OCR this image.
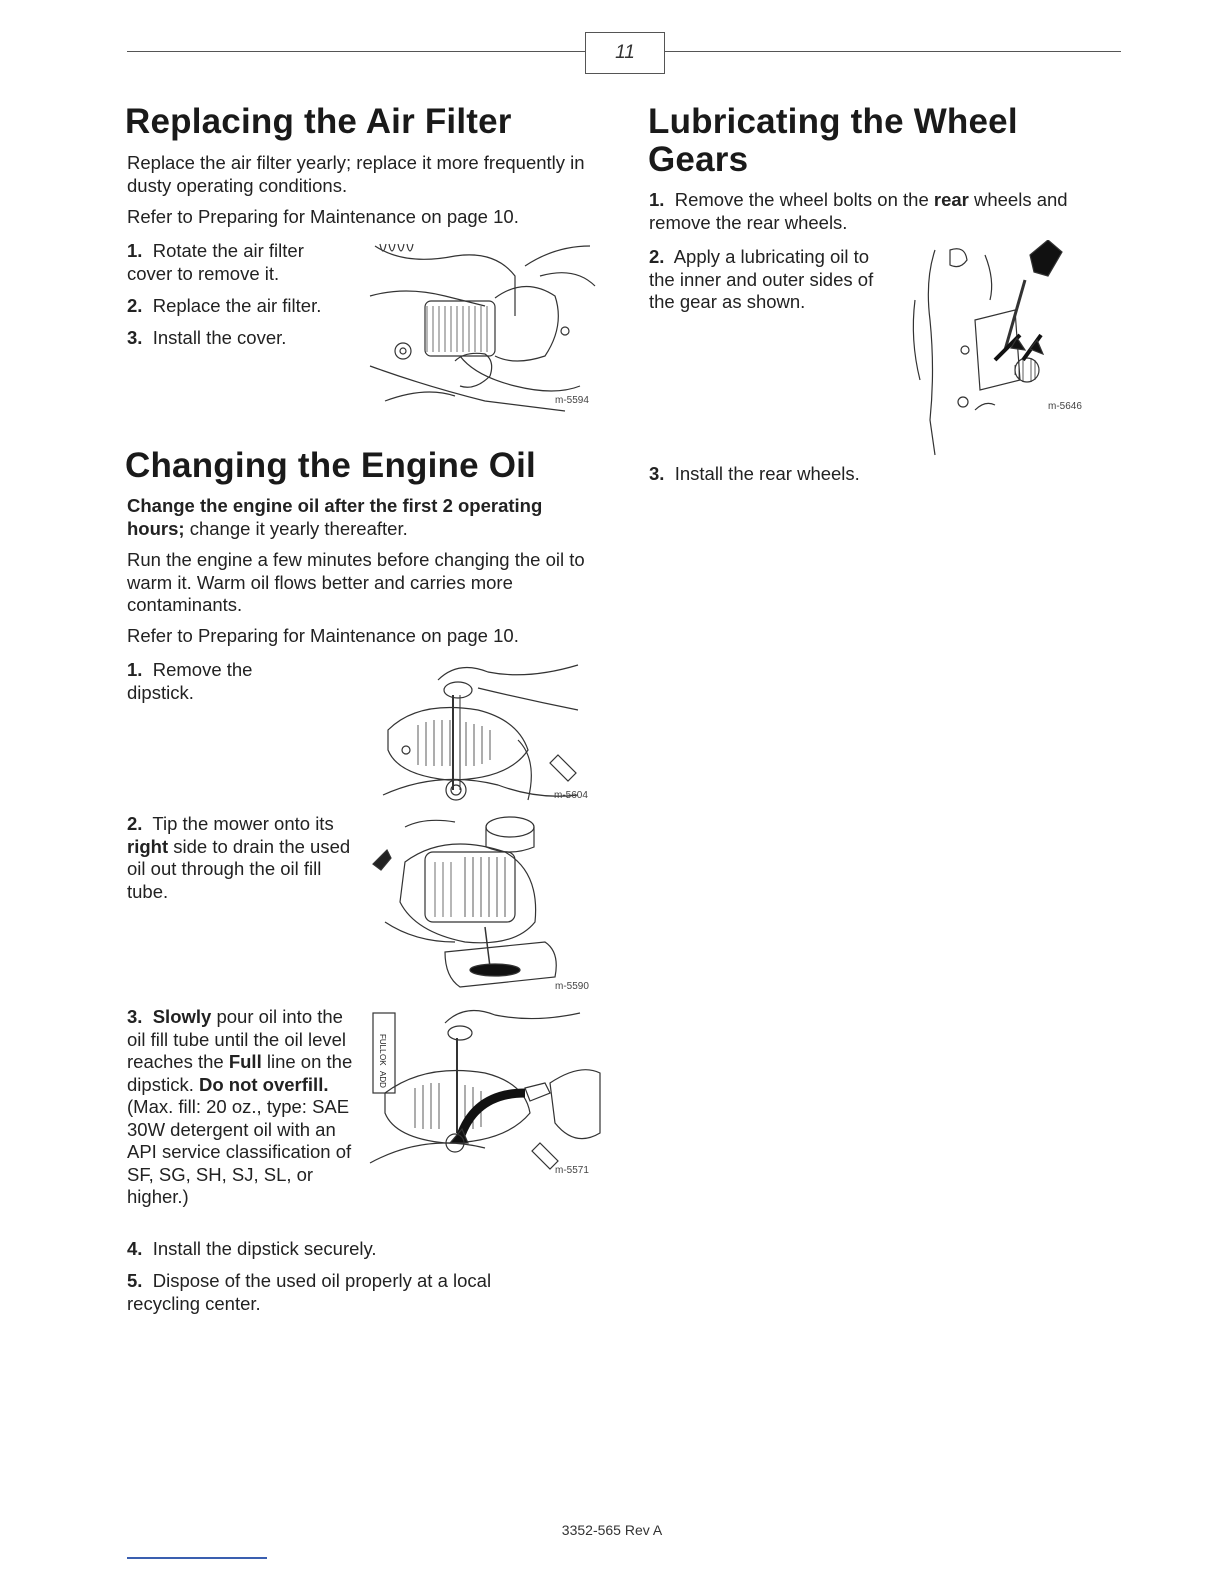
11
Replacing the Air Filter

Replace the air filter yearly; replace it more frequently in dusty operating conditions.

Refer to Preparing for Maintenance on page 10.

1. Rotate the air filter cover to remove it.

2. Replace the air filter.

3. Install the cover.

m-5594
Changing the Engine Oil

Change the engine oil after the first 2 operating hours; change it yearly thereafter.

Run the engine a few minutes before changing the oil to warm it. Warm oil flows better and carries more contaminants.

Refer to Preparing for Maintenance on page 10.

1. Remove the dipstick.

m-5604

2. Tip the mower onto its right side to drain the used oil out through the oil fill tube.

m-5590

3. Slowly pour oil into the oil fill tube until the oil level reaches the Full line on the dipstick. Do not overfill. (Max. fill: 20 oz., type: SAE 30W detergent oil with an API service classification of SF, SG, SH, SJ, SL, or higher.)

FULL
OK
ADD
m-5571

4. Install the dipstick securely.

5. Dispose of the used oil properly at a local recycling center.

Lubricating the Wheel Gears

1. Remove the wheel bolts on the rear wheels and remove the rear wheels.

2. Apply a lubricating oil to the inner and outer sides of the gear as shown.

m-5646

3. Install the rear wheels.

3352-565 Rev A
